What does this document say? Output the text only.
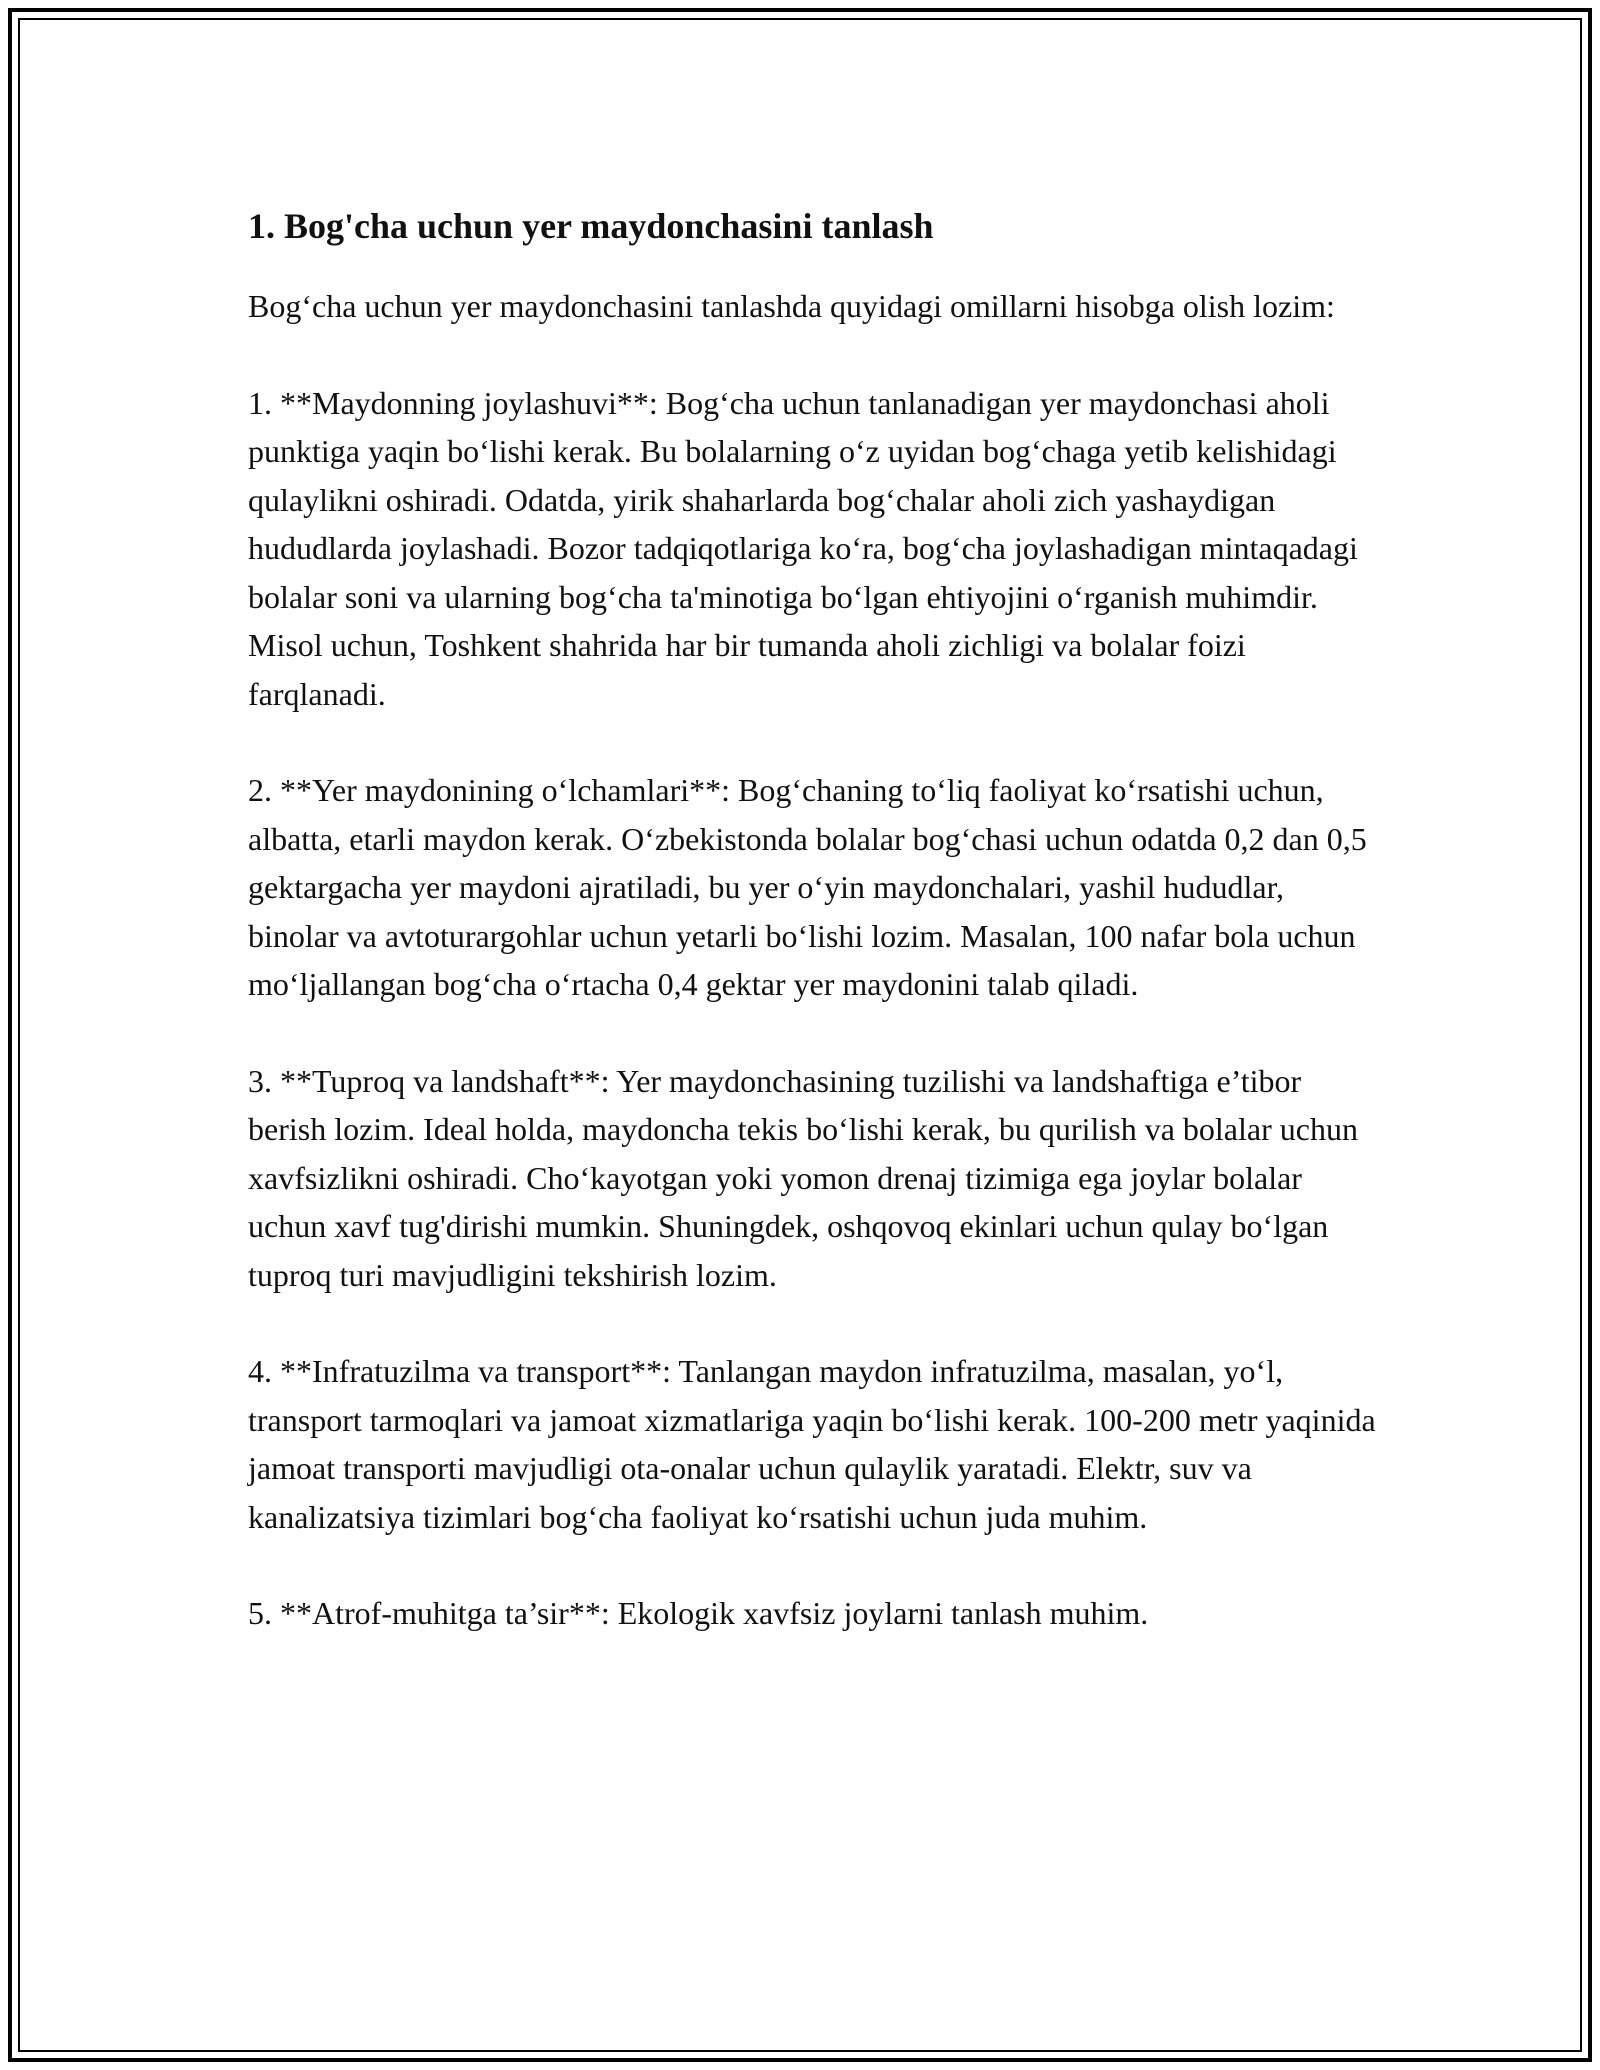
1. Bog'cha uchun yer maydonchasini tanlash

Bog‘cha uchun yer maydonchasini tanlashda quyidagi omillarni hisobga olish lozim:

1. **Maydonning joylashuvi**: Bog‘cha uchun tanlanadigan yer maydonchasi aholi punktiga yaqin bo‘lishi kerak. Bu bolalarning o‘z uyidan bog‘chaga yetib kelishidagi qulaylikni oshiradi. Odatda, yirik shaharlarda bog‘chalar aholi zich yashaydigan hududlarda joylashadi. Bozor tadqiqotlariga ko‘ra, bog‘cha joylashadigan mintaqadagi bolalar soni va ularning bog‘cha ta'minotiga bo‘lgan ehtiyojini o‘rganish muhimdir. Misol uchun, Toshkent shahrida har bir tumanda aholi zichligi va bolalar foizi farqlanadi.

2. **Yer maydonining o‘lchamlari**: Bog‘chaning to‘liq faoliyat ko‘rsatishi uchun, albatta, etarli maydon kerak. O‘zbekistonda bolalar bog‘chasi uchun odatda 0,2 dan 0,5 gektargacha yer maydoni ajratiladi, bu yer o‘yin maydonchalari, yashil hududlar, binolar va avtoturargohlar uchun yetarli bo‘lishi lozim. Masalan, 100 nafar bola uchun mo‘ljallangan bog‘cha o‘rtacha 0,4 gektar yer maydonini talab qiladi.

3. **Tuproq va landshaft**: Yer maydonchasining tuzilishi va landshaftiga e’tibor berish lozim. Ideal holda, maydoncha tekis bo‘lishi kerak, bu qurilish va bolalar uchun xavfsizlikni oshiradi. Cho‘kayotgan yoki yomon drenaj tizimiga ega joylar bolalar uchun xavf tug'dirishi mumkin. Shuningdek, oshqovoq ekinlari uchun qulay bo‘lgan tuproq turi mavjudligini tekshirish lozim.

4. **Infratuzilma va transport**: Tanlangan maydon infratuzilma, masalan, yo‘l, transport tarmoqlari va jamoat xizmatlariga yaqin bo‘lishi kerak. 100-200 metr yaqinida jamoat transporti mavjudligi ota-onalar uchun qulaylik yaratadi. Elektr, suv va kanalizatsiya tizimlari bog‘cha faoliyat ko‘rsatishi uchun juda muhim.

5. **Atrof-muhitga ta’sir**: Ekologik xavfsiz joylarni tanlash muhim.
